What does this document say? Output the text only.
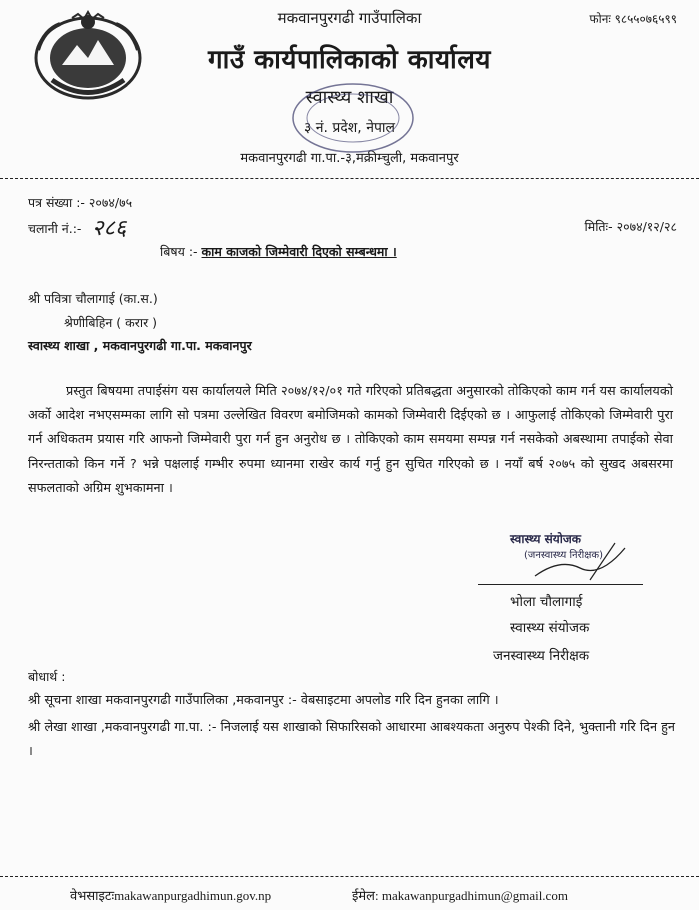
मकवानपुरगढी गाउँपालिका	फोनः ९८५५०७६५९९
गाउँ कार्यपालिकाको कार्यालय
स्वास्थ्य शाखा
३ नं. प्रदेश, नेपाल
मकवानपुरगढी गा.पा.-३,मक्रीम्चुली, मकवानपुर
पत्र संख्या :- २०७४/७५
चलानी नं.:- २८६	मितिः- २०७४/१२/२८
बिषय :- काम काजको जिम्मेवारी दिएको सम्बन्धमा ।
श्री पवित्रा चौलागाई (का.स.)
श्रेणीबिहिन ( करार )
स्वास्थ्य शाखा , मकवानपुरगढी गा.पा. मकवानपुर

प्रस्तुत बिषयमा तपाईसंग यस कार्यालयले मिति २०७४/१२/०१ गते गरिएको प्रतिबद्धता अनुसारको तोकिएको काम गर्न यस कार्यालयको अर्को आदेश नभएसम्मका लागि सो पत्रमा उल्लेखित विवरण बमोजिमको कामको जिम्मेवारी दिईएको छ । आफुलाई तोकिएको जिम्मेवारी पुरा गर्न अधिकतम प्रयास गरि आफनो जिम्मेवारी पुरा गर्न हुन अनुरोध छ । तोकिएको काम समयमा सम्पन्न गर्न नसकेको अबस्थामा तपाईको सेवा निरन्तताको किन गर्ने ? भन्ने पक्षलाई गम्भीर रुपमा ध्यानमा राखेर कार्य गर्नु हुन सुचित गरिएको छ । नयाँ बर्ष २०७५ को सुखद अबसरमा सफलताको अग्रिम शुभकामना ।

स्वास्थ्य संयोजक
(जनस्वास्थ्य निरीक्षक)
भोला चौलागाई
स्वास्थ्य संयोजक
जनस्वास्थ्य निरीक्षक
बोधार्थ :
श्री सूचना शाखा मकवानपुरगढी गाउँपालिका ,मकवानपुर :- वेबसाइटमा अपलोड गरि दिन हुनका लागि ।
श्री लेखा शाखा ,मकवानपुरगढी गा.पा. :- निजलाई यस शाखाको सिफारिसको आधारमा आबश्यकता अनुरुप पेश्की दिने, भुक्तानी गरि दिन हुन ।
वेभसाइटःmakawanpurgadhimun.gov.np	ईमेल: makawanpurgadhimun@gmail.com
